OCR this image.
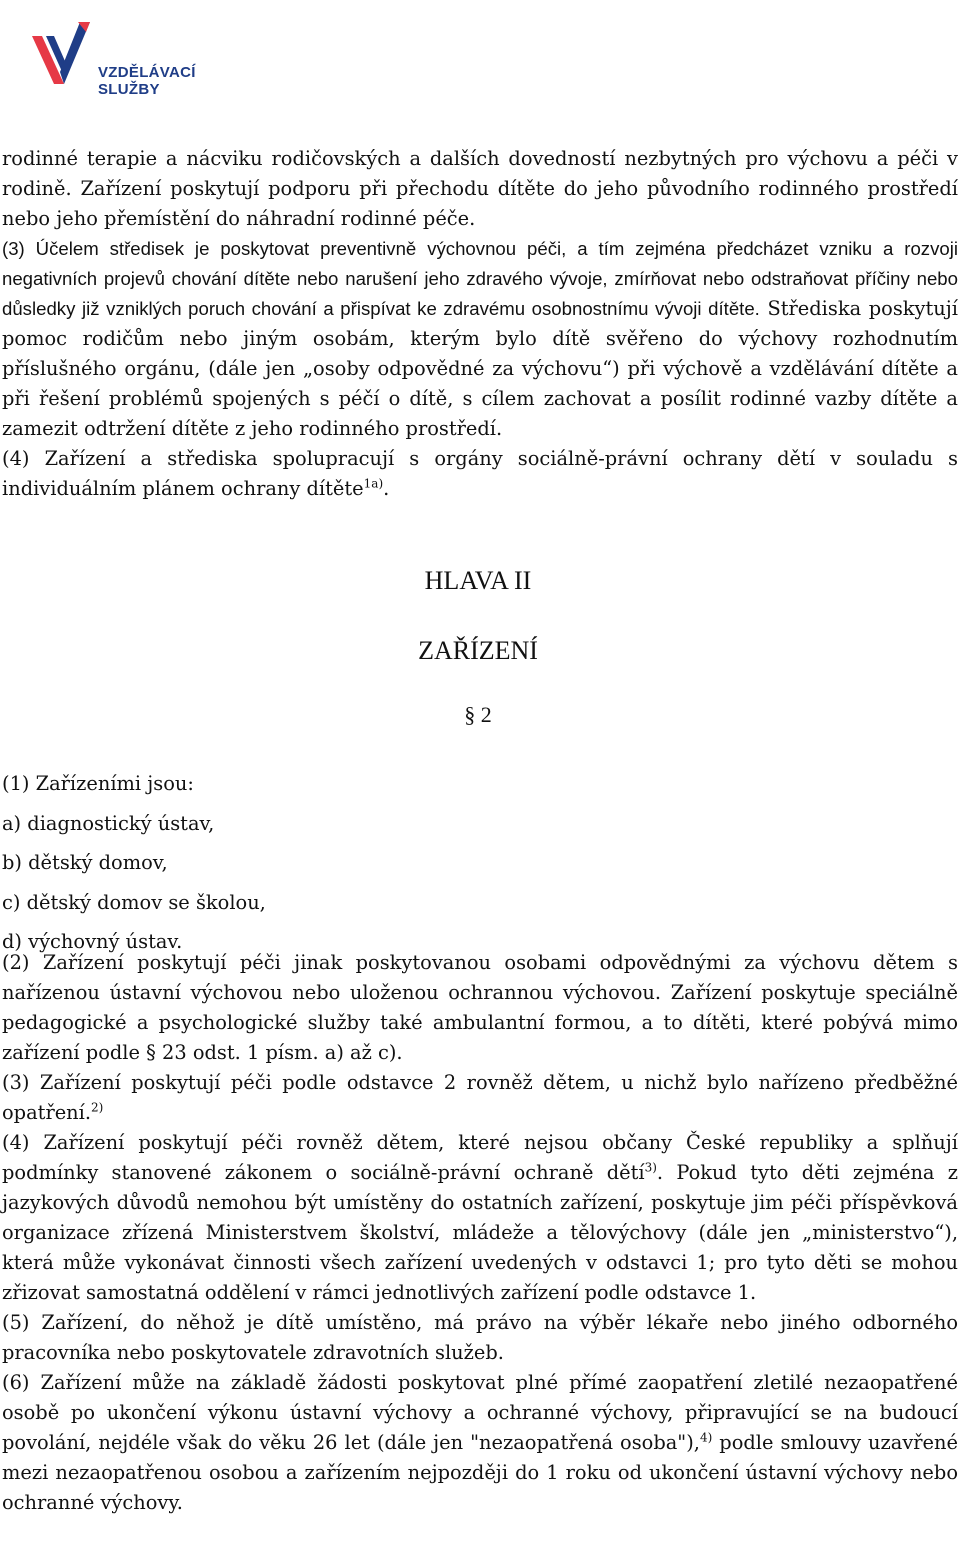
VZDĚLÁVACÍ
SLUŽBY

rodinné terapie a nácviku rodičovských a dalších dovedností nezbytných pro výchovu a péči v rodině. Zařízení poskytují podporu při přechodu dítěte do jeho původního rodinného prostředí nebo jeho přemístění do náhradní rodinné péče.

(3) Účelem středisek je poskytovat preventivně výchovnou péči, a tím zejména předcházet vzniku a rozvoji negativních projevů chování dítěte nebo narušení jeho zdravého vývoje, zmírňovat nebo odstraňovat příčiny nebo důsledky již vzniklých poruch chování a přispívat ke zdravému osobnostnímu vývoji dítěte. Střediska poskytují pomoc rodičům nebo jiným osobám, kterým bylo dítě svěřeno do výchovy rozhodnutím příslušného orgánu, (dále jen „osoby odpovědné za výchovu“) při výchově a vzdělávání dítěte a při řešení problémů spojených s péčí o dítě, s cílem zachovat a posílit rodinné vazby dítěte a zamezit odtržení dítěte z jeho rodinného prostředí.

(4) Zařízení a střediska spolupracují s orgány sociálně-právní ochrany dětí v souladu s individuálním plánem ochrany dítěte$^{1a)}$.

HLAVA II
ZAŘÍZENÍ
§ 2
(1) Zařízeními jsou:
a) diagnostický ústav,
b) dětský domov,
c) dětský domov se školou,
d) výchovný ústav.

(2) Zařízení poskytují péči jinak poskytovanou osobami odpovědnými za výchovu dětem s nařízenou ústavní výchovou nebo uloženou ochrannou výchovou. Zařízení poskytuje speciálně pedagogické a psychologické služby také ambulantní formou, a to dítěti, které pobývá mimo zařízení podle § 23 odst. 1 písm. a) až c).

(3) Zařízení poskytují péči podle odstavce 2 rovněž dětem, u nichž bylo nařízeno předběžné opatření.$^{2)}$

(4) Zařízení poskytují péči rovněž dětem, které nejsou občany České republiky a splňují podmínky stanovené zákonem o sociálně-právní ochraně dětí$^{3)}$. Pokud tyto děti zejména z jazykových důvodů nemohou být umístěny do ostatních zařízení, poskytuje jim péči příspěvková organizace zřízená Ministerstvem školství, mládeže a tělovýchovy (dále jen „ministerstvo“), která může vykonávat činnosti všech zařízení uvedených v odstavci 1; pro tyto děti se mohou zřizovat samostatná oddělení v rámci jednotlivých zařízení podle odstavce 1.

(5) Zařízení, do něhož je dítě umístěno, má právo na výběr lékaře nebo jiného odborného pracovníka nebo poskytovatele zdravotních služeb.

(6) Zařízení může na základě žádosti poskytovat plné přímé zaopatření zletilé nezaopatřené osobě po ukončení výkonu ústavní výchovy a ochranné výchovy, připravující se na budoucí povolání, nejdéle však do věku 26 let (dále jen "nezaopatřená osoba"),$^{4)}$ podle smlouvy uzavřené mezi nezaopatřenou osobou a zařízením nejpozději do 1 roku od ukončení ústavní výchovy nebo ochranné výchovy.
